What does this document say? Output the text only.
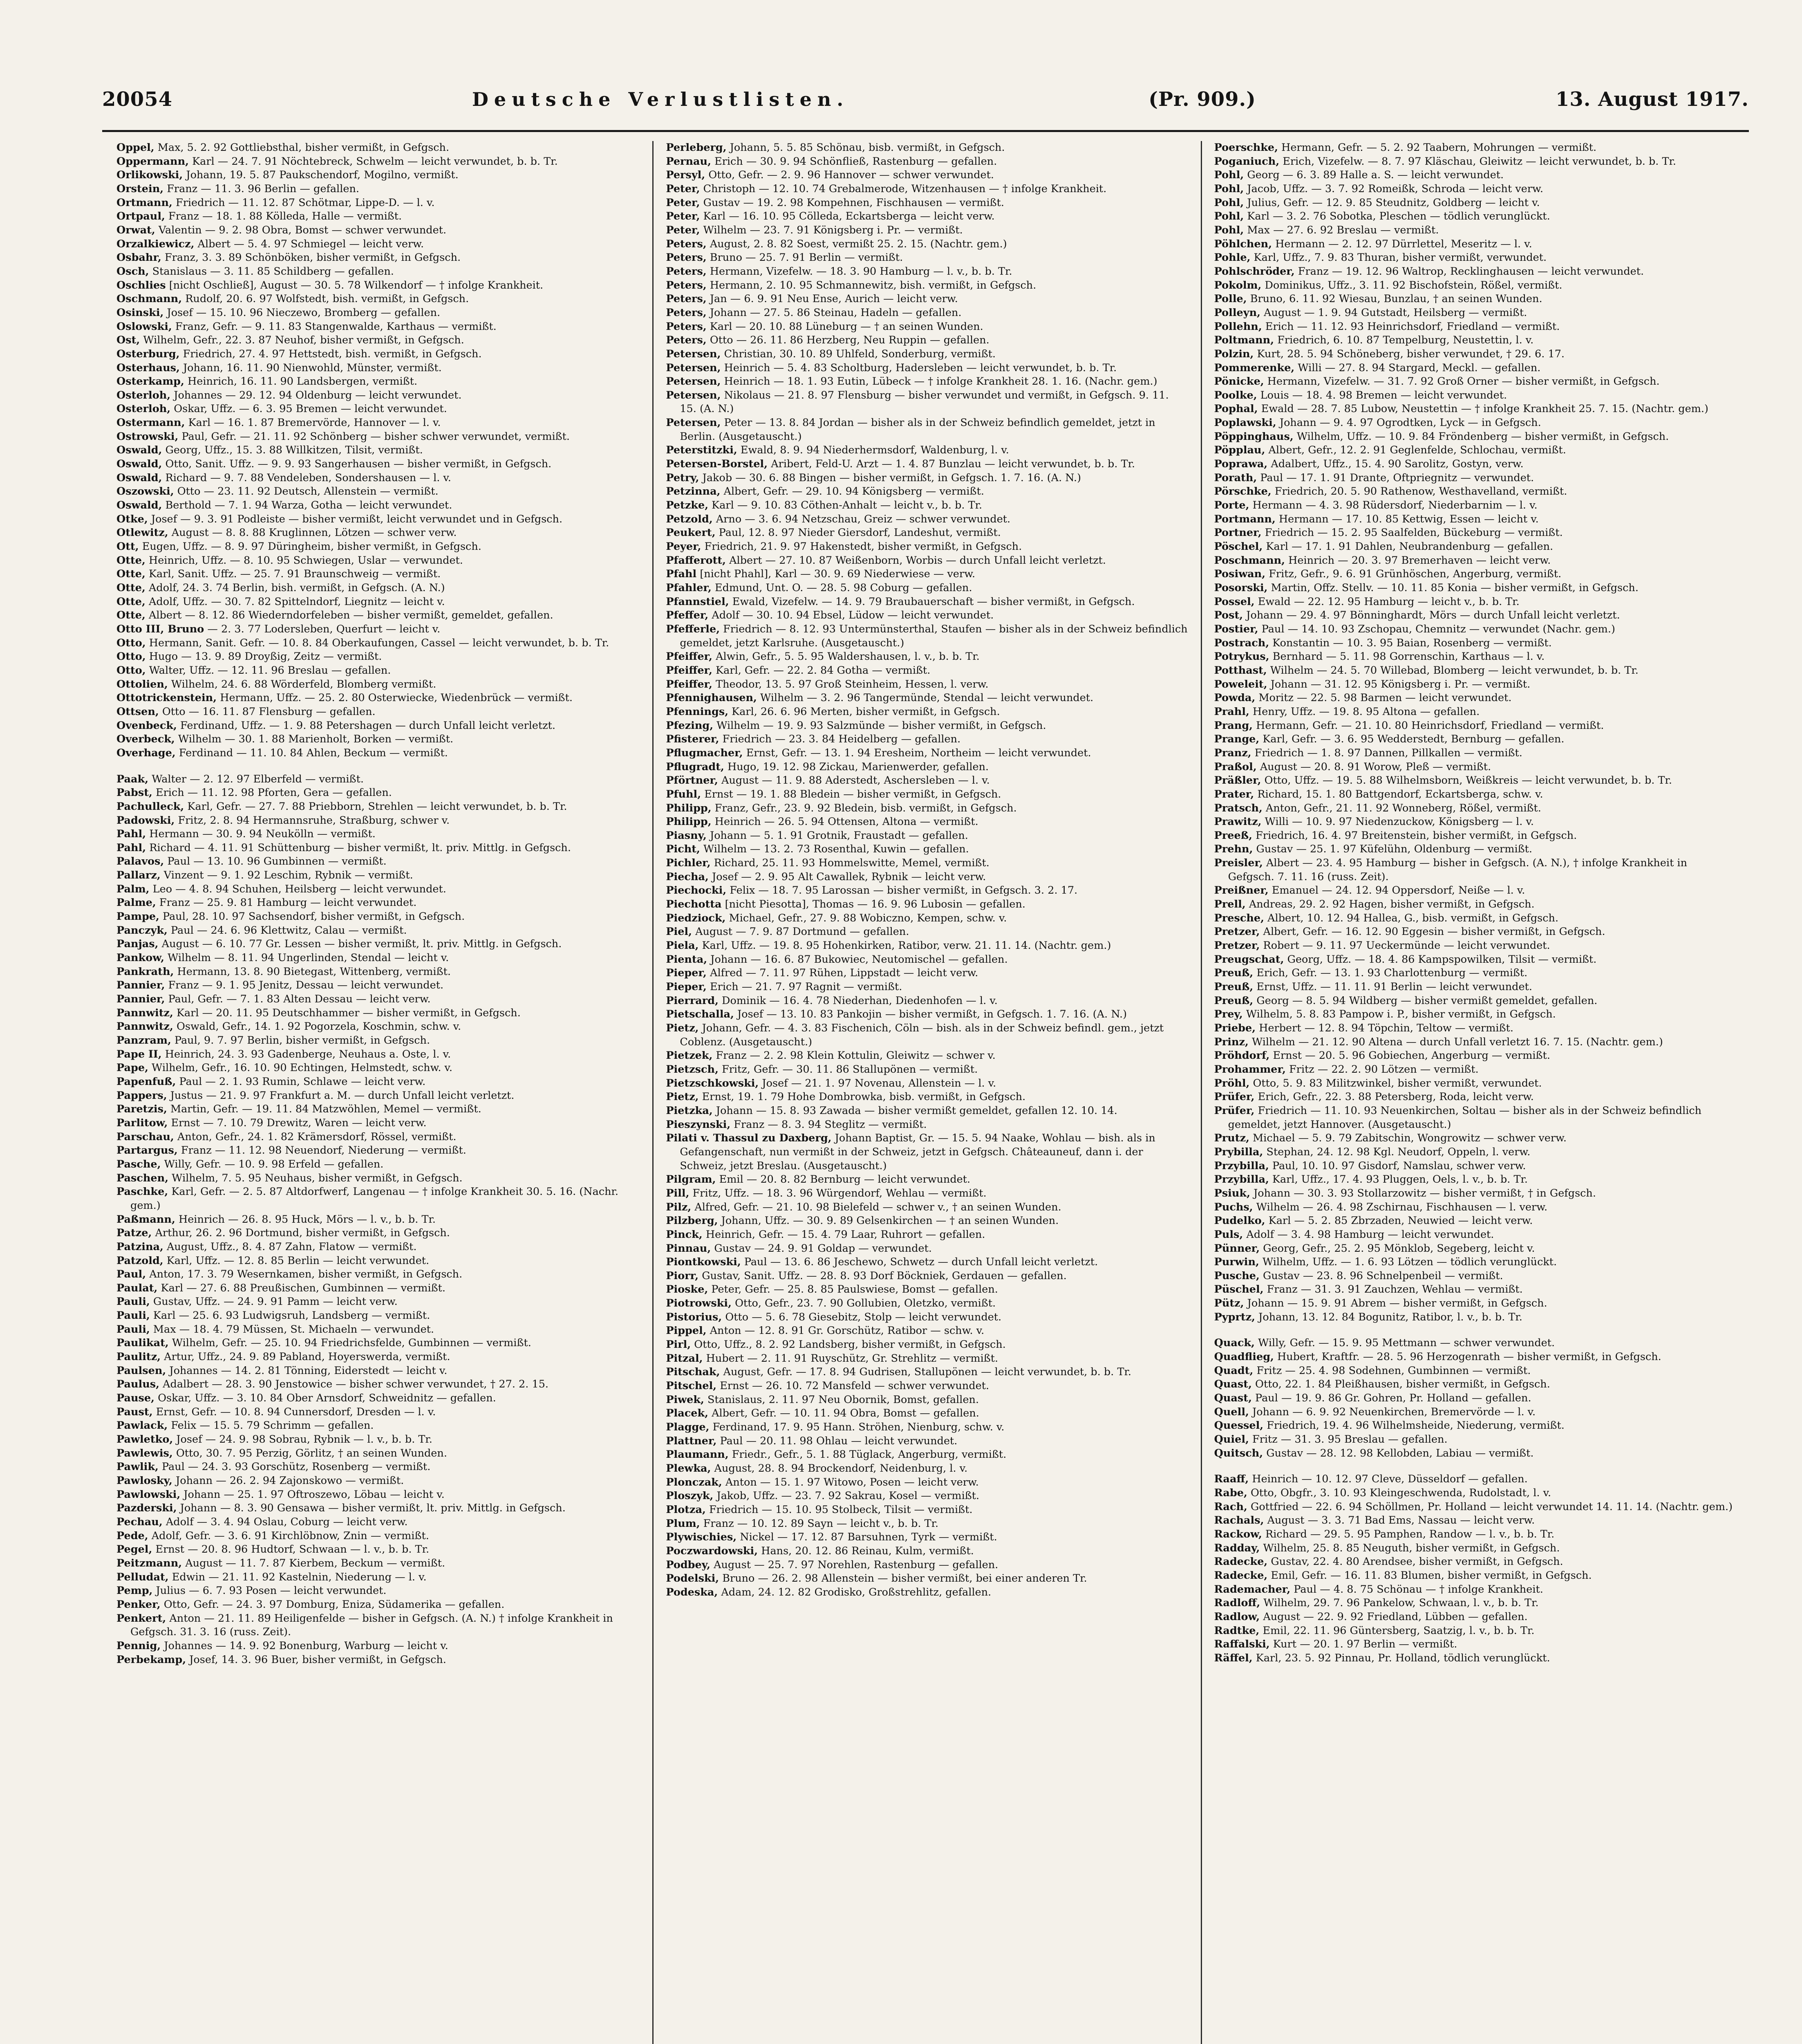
20054	Deutsche Verlustlisten.	(Pr. 909.)	13. August 1917.

Oppel, Max, 5. 2. 92 Gottliebsthal, bisher vermißt, in Gefgsch.

Oppermann, Karl — 24. 7. 91 Nöchtebreck, Schwelm — leicht verwundet, b. b. Tr.

Orlikowski, Johann, 19. 5. 87 Paukschendorf, Mogilno, vermißt.

Orstein, Franz — 11. 3. 96 Berlin — gefallen.

Ortmann, Friedrich — 11. 12. 87 Schötmar, Lippe-D. — l. v.

Ortpaul, Franz — 18. 1. 88 Kölleda, Halle — vermißt.

Orwat, Valentin — 9. 2. 98 Obra, Bomst — schwer verwundet.

Orzalkiewicz, Albert — 5. 4. 97 Schmiegel — leicht verw.

Osbahr, Franz, 3. 3. 89 Schönböken, bisher vermißt, in Gefgsch.

Osch, Stanislaus — 3. 11. 85 Schildberg — gefallen.

Oschlies [nicht Oschließ], August — 30. 5. 78 Wilkendorf — † infolge Krankheit.

Oschmann, Rudolf, 20. 6. 97 Wolfstedt, bish. vermißt, in Gefgsch.

Osinski, Josef — 15. 10. 96 Nieczewo, Bromberg — gefallen.

Oslowski, Franz, Gefr. — 9. 11. 83 Stangenwalde, Karthaus — vermißt.

Ost, Wilhelm, Gefr., 22. 3. 87 Neuhof, bisher vermißt, in Gefgsch.

Osterburg, Friedrich, 27. 4. 97 Hettstedt, bish. vermißt, in Gefgsch.

Osterhaus, Johann, 16. 11. 90 Nienwohld, Münster, vermißt.

Osterkamp, Heinrich, 16. 11. 90 Landsbergen, vermißt.

Osterloh, Johannes — 29. 12. 94 Oldenburg — leicht verwundet.

Osterloh, Oskar, Uffz. — 6. 3. 95 Bremen — leicht verwundet.

Ostermann, Karl — 16. 1. 87 Bremervörde, Hannover — l. v.

Ostrowski, Paul, Gefr. — 21. 11. 92 Schönberg — bisher schwer verwundet, vermißt.

Oswald, Georg, Uffz., 15. 3. 88 Willkitzen, Tilsit, vermißt.

Oswald, Otto, Sanit. Uffz. — 9. 9. 93 Sangerhausen — bisher vermißt, in Gefgsch.

Oswald, Richard — 9. 7. 88 Vendeleben, Sondershausen — l. v.

Oszowski, Otto — 23. 11. 92 Deutsch, Allenstein — vermißt.

Oswald, Berthold — 7. 1. 94 Warza, Gotha — leicht verwundet.

Otke, Josef — 9. 3. 91 Podleiste — bisher vermißt, leicht verwundet und in Gefgsch.

Otlewitz, August — 8. 8. 88 Kruglinnen, Lötzen — schwer verw.

Ott, Eugen, Uffz. — 8. 9. 97 Düringheim, bisher vermißt, in Gefgsch.

Otte, Heinrich, Uffz. — 8. 10. 95 Schwiegen, Uslar — verwundet.

Otte, Karl, Sanit. Uffz. — 25. 7. 91 Braunschweig — vermißt.

Otte, Adolf, 24. 3. 74 Berlin, bish. vermißt, in Gefgsch. (A. N.)

Otte, Adolf, Uffz. — 30. 7. 82 Spittelndorf, Liegnitz — leicht v.

Otte, Albert — 8. 12. 86 Wiederndorfeleben — bisher vermißt, gemeldet, gefallen.

Otto III, Bruno — 2. 3. 77 Lodersleben, Querfurt — leicht v.

Otto, Hermann, Sanit. Gefr. — 10. 8. 84 Oberkaufungen, Cassel — leicht verwundet, b. b. Tr.

Otto, Hugo — 13. 9. 89 Droyßig, Zeitz — vermißt.

Otto, Walter, Uffz. — 12. 11. 96 Breslau — gefallen.

Ottolien, Wilhelm, 24. 6. 88 Wörderfeld, Blomberg vermißt.

Ottotrickenstein, Hermann, Uffz. — 25. 2. 80 Osterwiecke, Wiedenbrück — vermißt.

Ottsen, Otto — 16. 11. 87 Flensburg — gefallen.

Ovenbeck, Ferdinand, Uffz. — 1. 9. 88 Petershagen — durch Unfall leicht verletzt.

Overbeck, Wilhelm — 30. 1. 88 Marienholt, Borken — vermißt.

Overhage, Ferdinand — 11. 10. 84 Ahlen, Beckum — vermißt.

Paak, Walter — 2. 12. 97 Elberfeld — vermißt.

Pabst, Erich — 11. 12. 98 Pforten, Gera — gefallen.

Pachulleck, Karl, Gefr. — 27. 7. 88 Priebborn, Strehlen — leicht verwundet, b. b. Tr.

Padowski, Fritz, 2. 8. 94 Hermannsruhe, Straßburg, schwer v.

Pahl, Hermann — 30. 9. 94 Neukölln — vermißt.

Pahl, Richard — 4. 11. 91 Schüttenburg — bisher vermißt, lt. priv. Mittlg. in Gefgsch.

Palavos, Paul — 13. 10. 96 Gumbinnen — vermißt.

Pallarz, Vinzent — 9. 1. 92 Leschim, Rybnik — vermißt.

Palm, Leo — 4. 8. 94 Schuhen, Heilsberg — leicht verwundet.

Palme, Franz — 25. 9. 81 Hamburg — leicht verwundet.

Pampe, Paul, 28. 10. 97 Sachsendorf, bisher vermißt, in Gefgsch.

Panczyk, Paul — 24. 6. 96 Klettwitz, Calau — vermißt.

Panjas, August — 6. 10. 77 Gr. Lessen — bisher vermißt, lt. priv. Mittlg. in Gefgsch.

Pankow, Wilhelm — 8. 11. 94 Ungerlinden, Stendal — leicht v.

Pankrath, Hermann, 13. 8. 90 Bietegast, Wittenberg, vermißt.

Pannier, Franz — 9. 1. 95 Jenitz, Dessau — leicht verwundet.

Pannier, Paul, Gefr. — 7. 1. 83 Alten Dessau — leicht verw.

Pannwitz, Karl — 20. 11. 95 Deutschhammer — bisher vermißt, in Gefgsch.

Pannwitz, Oswald, Gefr., 14. 1. 92 Pogorzela, Koschmin, schw. v.

Panzram, Paul, 9. 7. 97 Berlin, bisher vermißt, in Gefgsch.

Pape II, Heinrich, 24. 3. 93 Gadenberge, Neuhaus a. Oste, l. v.

Pape, Wilhelm, Gefr., 16. 10. 90 Echtingen, Helmstedt, schw. v.

Papenfuß, Paul — 2. 1. 93 Rumin, Schlawe — leicht verw.

Pappers, Justus — 21. 9. 97 Frankfurt a. M. — durch Unfall leicht verletzt.

Paretzis, Martin, Gefr. — 19. 11. 84 Matzwöhlen, Memel — vermißt.

Parlitow, Ernst — 7. 10. 79 Drewitz, Waren — leicht verw.

Parschau, Anton, Gefr., 24. 1. 82 Krämersdorf, Rössel, vermißt.

Partargus, Franz — 11. 12. 98 Neuendorf, Niederung — vermißt.

Pasche, Willy, Gefr. — 10. 9. 98 Erfeld — gefallen.

Paschen, Wilhelm, 7. 5. 95 Neuhaus, bisher vermißt, in Gefgsch.

Paschke, Karl, Gefr. — 2. 5. 87 Altdorfwerf, Langenau — † infolge Krankheit 30. 5. 16. (Nachr. gem.)

Paßmann, Heinrich — 26. 8. 95 Huck, Mörs — l. v., b. b. Tr.

Patze, Arthur, 26. 2. 96 Dortmund, bisher vermißt, in Gefgsch.

Patzina, August, Uffz., 8. 4. 87 Zahn, Flatow — vermißt.

Patzold, Karl, Uffz. — 12. 8. 85 Berlin — leicht verwundet.

Paul, Anton, 17. 3. 79 Wesernkamen, bisher vermißt, in Gefgsch.

Paulat, Karl — 27. 6. 88 Preußischen, Gumbinnen — vermißt.

Pauli, Gustav, Uffz. — 24. 9. 91 Pamm — leicht verw.

Pauli, Karl — 25. 6. 93 Ludwigsruh, Landsberg — vermißt.

Pauli, Max — 18. 4. 79 Müssen, St. Michaeln — verwundet.

Paulikat, Wilhelm, Gefr. — 25. 10. 94 Friedrichsfelde, Gumbinnen — vermißt.

Paulitz, Artur, Uffz., 24. 9. 89 Pabland, Hoyerswerda, vermißt.

Paulsen, Johannes — 14. 2. 81 Tönning, Eiderstedt — leicht v.

Paulus, Adalbert — 28. 3. 90 Jenstowice — bisher schwer verwundet, † 27. 2. 15.

Pause, Oskar, Uffz. — 3. 10. 84 Ober Arnsdorf, Schweidnitz — gefallen.

Paust, Ernst, Gefr. — 10. 8. 94 Cunnersdorf, Dresden — l. v.

Pawlack, Felix — 15. 5. 79 Schrimm — gefallen.

Pawletko, Josef — 24. 9. 98 Sobrau, Rybnik — l. v., b. b. Tr.

Pawlewis, Otto, 30. 7. 95 Perzig, Görlitz, † an seinen Wunden.

Pawlik, Paul — 24. 3. 93 Gorschütz, Rosenberg — vermißt.

Pawlosky, Johann — 26. 2. 94 Zajonskowo — vermißt.

Pawlowski, Johann — 25. 1. 97 Oftroszewo, Löbau — leicht v.

Pazderski, Johann — 8. 3. 90 Gensawa — bisher vermißt, lt. priv. Mittlg. in Gefgsch.

Pechau, Adolf — 3. 4. 94 Oslau, Coburg — leicht verw.

Pede, Adolf, Gefr. — 3. 6. 91 Kirchlöbnow, Znin — vermißt.

Pegel, Ernst — 20. 8. 96 Hudtorf, Schwaan — l. v., b. b. Tr.

Peitzmann, August — 11. 7. 87 Kierbem, Beckum — vermißt.

Pelludat, Edwin — 21. 11. 92 Kastelnin, Niederung — l. v.

Pemp, Julius — 6. 7. 93 Posen — leicht verwundet.

Penker, Otto, Gefr. — 24. 3. 97 Domburg, Eniza, Südamerika — gefallen.

Penkert, Anton — 21. 11. 89 Heiligenfelde — bisher in Gefgsch. (A. N.) † infolge Krankheit in Gefgsch. 31. 3. 16 (russ. Zeit).

Pennig, Johannes — 14. 9. 92 Bonenburg, Warburg — leicht v.

Perbekamp, Josef, 14. 3. 96 Buer, bisher vermißt, in Gefgsch.

Perleberg, Johann, 5. 5. 85 Schönau, bisb. vermißt, in Gefgsch.

Pernau, Erich — 30. 9. 94 Schönfließ, Rastenburg — gefallen.

Persyl, Otto, Gefr. — 2. 9. 96 Hannover — schwer verwundet.

Peter, Christoph — 12. 10. 74 Grebalmerode, Witzenhausen — † infolge Krankheit.

Peter, Gustav — 19. 2. 98 Kompehnen, Fischhausen — vermißt.

Peter, Karl — 16. 10. 95 Cölleda, Eckartsberga — leicht verw.

Peter, Wilhelm — 23. 7. 91 Königsberg i. Pr. — vermißt.

Peters, August, 2. 8. 82 Soest, vermißt 25. 2. 15. (Nachtr. gem.)

Peters, Bruno — 25. 7. 91 Berlin — vermißt.

Peters, Hermann, Vizefelw. — 18. 3. 90 Hamburg — l. v., b. b. Tr.

Peters, Hermann, 2. 10. 95 Schmannewitz, bish. vermißt, in Gefgsch.

Peters, Jan — 6. 9. 91 Neu Ense, Aurich — leicht verw.

Peters, Johann — 27. 5. 86 Steinau, Hadeln — gefallen.

Peters, Karl — 20. 10. 88 Lüneburg — † an seinen Wunden.

Peters, Otto — 26. 11. 86 Herzberg, Neu Ruppin — gefallen.

Petersen, Christian, 30. 10. 89 Uhlfeld, Sonderburg, vermißt.

Petersen, Heinrich — 5. 4. 83 Scholtburg, Hadersleben — leicht verwundet, b. b. Tr.

Petersen, Heinrich — 18. 1. 93 Eutin, Lübeck — † infolge Krankheit 28. 1. 16. (Nachr. gem.)

Petersen, Nikolaus — 21. 8. 97 Flensburg — bisher verwundet und vermißt, in Gefgsch. 9. 11. 15. (A. N.)

Petersen, Peter — 13. 8. 84 Jordan — bisher als in der Schweiz befindlich gemeldet, jetzt in Berlin. (Ausgetauscht.)

Peterstitzki, Ewald, 8. 9. 94 Niederhermsdorf, Waldenburg, l. v.

Petersen-Borstel, Aribert, Feld-U. Arzt — 1. 4. 87 Bunzlau — leicht verwundet, b. b. Tr.

Petry, Jakob — 30. 6. 88 Bingen — bisher vermißt, in Gefgsch. 1. 7. 16. (A. N.)

Petzinna, Albert, Gefr. — 29. 10. 94 Königsberg — vermißt.

Petzke, Karl — 9. 10. 83 Cöthen-Anhalt — leicht v., b. b. Tr.

Petzold, Arno — 3. 6. 94 Netzschau, Greiz — schwer verwundet.

Peukert, Paul, 12. 8. 97 Nieder Giersdorf, Landeshut, vermißt.

Peyer, Friedrich, 21. 9. 97 Hakenstedt, bisher vermißt, in Gefgsch.

Pfafferott, Albert — 27. 10. 87 Weißenborn, Worbis — durch Unfall leicht verletzt.

Pfahl [nicht Phahl], Karl — 30. 9. 69 Niederwiese — verw.

Pfahler, Edmund, Unt. O. — 28. 5. 98 Coburg — gefallen.

Pfannstiel, Ewald, Vizefelw. — 14. 9. 79 Braubauerschaft — bisher vermißt, in Gefgsch.

Pfeffer, Adolf — 30. 10. 94 Ebsel, Lüdow — leicht verwundet.

Pfefferle, Friedrich — 8. 12. 93 Untermünsterthal, Staufen — bisher als in der Schweiz befindlich gemeldet, jetzt Karlsruhe. (Ausgetauscht.)

Pfeiffer, Alwin, Gefr., 5. 5. 95 Waldershausen, l. v., b. b. Tr.

Pfeiffer, Karl, Gefr. — 22. 2. 84 Gotha — vermißt.

Pfeiffer, Theodor, 13. 5. 97 Groß Steinheim, Hessen, l. verw.

Pfennighausen, Wilhelm — 3. 2. 96 Tangermünde, Stendal — leicht verwundet.

Pfennings, Karl, 26. 6. 96 Merten, bisher vermißt, in Gefgsch.

Pfezing, Wilhelm — 19. 9. 93 Salzmünde — bisher vermißt, in Gefgsch.

Pfisterer, Friedrich — 23. 3. 84 Heidelberg — gefallen.

Pflugmacher, Ernst, Gefr. — 13. 1. 94 Eresheim, Northeim — leicht verwundet.

Pflugradt, Hugo, 19. 12. 98 Zickau, Marienwerder, gefallen.

Pförtner, August — 11. 9. 88 Aderstedt, Aschersleben — l. v.

Pfuhl, Ernst — 19. 1. 88 Bledein — bisher vermißt, in Gefgsch.

Philipp, Franz, Gefr., 23. 9. 92 Bledein, bisb. vermißt, in Gefgsch.

Philipp, Heinrich — 26. 5. 94 Ottensen, Altona — vermißt.

Piasny, Johann — 5. 1. 91 Grotnik, Fraustadt — gefallen.

Picht, Wilhelm — 13. 2. 73 Rosenthal, Kuwin — gefallen.

Pichler, Richard, 25. 11. 93 Hommelswitte, Memel, vermißt.

Piecha, Josef — 2. 9. 95 Alt Cawallek, Rybnik — leicht verw.

Piechocki, Felix — 18. 7. 95 Larossan — bisher vermißt, in Gefgsch. 3. 2. 17.

Piechotta [nicht Piesotta], Thomas — 16. 9. 96 Lubosin — gefallen.

Piedziock, Michael, Gefr., 27. 9. 88 Wobiczno, Kempen, schw. v.

Piel, August — 7. 9. 87 Dortmund — gefallen.

Piela, Karl, Uffz. — 19. 8. 95 Hohenkirken, Ratibor, verw. 21. 11. 14. (Nachtr. gem.)

Pienta, Johann — 16. 6. 87 Bukowiec, Neutomischel — gefallen.

Pieper, Alfred — 7. 11. 97 Rühen, Lippstadt — leicht verw.

Pieper, Erich — 21. 7. 97 Ragnit — vermißt.

Pierrard, Dominik — 16. 4. 78 Niederhan, Diedenhofen — l. v.

Pietschalla, Josef — 13. 10. 83 Pankojin — bisher vermißt, in Gefgsch. 1. 7. 16. (A. N.)

Pietz, Johann, Gefr. — 4. 3. 83 Fischenich, Cöln — bish. als in der Schweiz befindl. gem., jetzt Coblenz. (Ausgetauscht.)

Pietzek, Franz — 2. 2. 98 Klein Kottulin, Gleiwitz — schwer v.

Pietzsch, Fritz, Gefr. — 30. 11. 86 Stallupönen — vermißt.

Pietzschkowski, Josef — 21. 1. 97 Novenau, Allenstein — l. v.

Pietz, Ernst, 19. 1. 79 Hohe Dombrowka, bisb. vermißt, in Gefgsch.

Pietzka, Johann — 15. 8. 93 Zawada — bisher vermißt gemeldet, gefallen 12. 10. 14.

Pieszynski, Franz — 8. 3. 94 Steglitz — vermißt.

Pilati v. Thassul zu Daxberg, Johann Baptist, Gr. — 15. 5. 94 Naake, Wohlau — bish. als in Gefangenschaft, nun vermißt in der Schweiz, jetzt in Gefgsch. Châteauneuf, dann i. der Schweiz, jetzt Breslau. (Ausgetauscht.)

Pilgram, Emil — 20. 8. 82 Bernburg — leicht verwundet.

Pill, Fritz, Uffz. — 18. 3. 96 Würgendorf, Wehlau — vermißt.

Pilz, Alfred, Gefr. — 21. 10. 98 Bielefeld — schwer v., † an seinen Wunden.

Pilzberg, Johann, Uffz. — 30. 9. 89 Gelsenkirchen — † an seinen Wunden.

Pinck, Heinrich, Gefr. — 15. 4. 79 Laar, Ruhrort — gefallen.

Pinnau, Gustav — 24. 9. 91 Goldap — verwundet.

Piontkowski, Paul — 13. 6. 86 Jeschewo, Schwetz — durch Unfall leicht verletzt.

Piorr, Gustav, Sanit. Uffz. — 28. 8. 93 Dorf Böckniek, Gerdauen — gefallen.

Pioske, Peter, Gefr. — 25. 8. 85 Paulswiese, Bomst — gefallen.

Piotrowski, Otto, Gefr., 23. 7. 90 Gollubien, Oletzko, vermißt.

Pistorius, Otto — 5. 6. 78 Giesebitz, Stolp — leicht verwundet.

Pippel, Anton — 12. 8. 91 Gr. Gorschütz, Ratibor — schw. v.

Pirl, Otto, Uffz., 8. 2. 92 Landsberg, bisher vermißt, in Gefgsch.

Pitzal, Hubert — 2. 11. 91 Ruyschütz, Gr. Strehlitz — vermißt.

Pitschak, August, Gefr. — 17. 8. 94 Gudrisen, Stallupönen — leicht verwundet, b. b. Tr.

Pitschel, Ernst — 26. 10. 72 Mansfeld — schwer verwundet.

Piwek, Stanislaus, 2. 11. 97 Neu Obornik, Bomst, gefallen.

Placek, Albert, Gefr. — 10. 11. 94 Obra, Bomst — gefallen.

Plagge, Ferdinand, 17. 9. 95 Hann. Ströhen, Nienburg, schw. v.

Plattner, Paul — 20. 11. 98 Ohlau — leicht verwundet.

Plaumann, Friedr., Gefr., 5. 1. 88 Tüglack, Angerburg, vermißt.

Plewka, August, 28. 8. 94 Brockendorf, Neidenburg, l. v.

Plonczak, Anton — 15. 1. 97 Witowo, Posen — leicht verw.

Ploszyk, Jakob, Uffz. — 23. 7. 92 Sakrau, Kosel — vermißt.

Plotza, Friedrich — 15. 10. 95 Stolbeck, Tilsit — vermißt.

Plum, Franz — 10. 12. 89 Sayn — leicht v., b. b. Tr.

Plywischies, Nickel — 17. 12. 87 Barsuhnen, Tyrk — vermißt.

Poczwardowski, Hans, 20. 12. 86 Reinau, Kulm, vermißt.

Podbey, August — 25. 7. 97 Norehlen, Rastenburg — gefallen.

Podelski, Bruno — 26. 2. 98 Allenstein — bisher vermißt, bei einer anderen Tr.

Podeska, Adam, 24. 12. 82 Grodisko, Großstrehlitz, gefallen.

Poerschke, Hermann, Gefr. — 5. 2. 92 Taabern, Mohrungen — vermißt.

Poganiuch, Erich, Vizefelw. — 8. 7. 97 Kläschau, Gleiwitz — leicht verwundet, b. b. Tr.

Pohl, Georg — 6. 3. 89 Halle a. S. — leicht verwundet.

Pohl, Jacob, Uffz. — 3. 7. 92 Romeißk, Schroda — leicht verw.

Pohl, Julius, Gefr. — 12. 9. 85 Steudnitz, Goldberg — leicht v.

Pohl, Karl — 3. 2. 76 Sobotka, Pleschen — tödlich verunglückt.

Pohl, Max — 27. 6. 92 Breslau — vermißt.

Pöhlchen, Hermann — 2. 12. 97 Dürrlettel, Meseritz — l. v.

Pohle, Karl, Uffz., 7. 9. 83 Thuran, bisher vermißt, verwundet.

Pohlschröder, Franz — 19. 12. 96 Waltrop, Recklinghausen — leicht verwundet.

Pokolm, Dominikus, Uffz., 3. 11. 92 Bischofstein, Rößel, vermißt.

Polle, Bruno, 6. 11. 92 Wiesau, Bunzlau, † an seinen Wunden.

Polleyn, August — 1. 9. 94 Gutstadt, Heilsberg — vermißt.

Pollehn, Erich — 11. 12. 93 Heinrichsdorf, Friedland — vermißt.

Poltmann, Friedrich, 6. 10. 87 Tempelburg, Neustettin, l. v.

Polzin, Kurt, 28. 5. 94 Schöneberg, bisher verwundet, † 29. 6. 17.

Pommerenke, Willi — 27. 8. 94 Stargard, Meckl. — gefallen.

Pönicke, Hermann, Vizefelw. — 31. 7. 92 Groß Orner — bisher vermißt, in Gefgsch.

Poolke, Louis — 18. 4. 98 Bremen — leicht verwundet.

Pophal, Ewald — 28. 7. 85 Lubow, Neustettin — † infolge Krankheit 25. 7. 15. (Nachtr. gem.)

Poplawski, Johann — 9. 4. 97 Ogrodtken, Lyck — in Gefgsch.

Pöppinghaus, Wilhelm, Uffz. — 10. 9. 84 Fröndenberg — bisher vermißt, in Gefgsch.

Pöpplau, Albert, Gefr., 12. 2. 91 Geglenfelde, Schlochau, vermißt.

Poprawa, Adalbert, Uffz., 15. 4. 90 Sarolitz, Gostyn, verw.

Porath, Paul — 17. 1. 91 Drante, Oftpriegnitz — verwundet.

Pörschke, Friedrich, 20. 5. 90 Rathenow, Westhavelland, vermißt.

Porte, Hermann — 4. 3. 98 Rüdersdorf, Niederbarnim — l. v.

Portmann, Hermann — 17. 10. 85 Kettwig, Essen — leicht v.

Portner, Friedrich — 15. 2. 95 Saalfelden, Bückeburg — vermißt.

Pöschel, Karl — 17. 1. 91 Dahlen, Neubrandenburg — gefallen.

Poschmann, Heinrich — 20. 3. 97 Bremerhaven — leicht verw.

Posiwan, Fritz, Gefr., 9. 6. 91 Grünhöschen, Angerburg, vermißt.

Posorski, Martin, Offz. Stellv. — 10. 11. 85 Konia — bisher vermißt, in Gefgsch.

Possel, Ewald — 22. 12. 95 Hamburg — leicht v., b. b. Tr.

Post, Johann — 29. 4. 97 Bönninghardt, Mörs — durch Unfall leicht verletzt.

Postier, Paul — 14. 10. 93 Zschopau, Chemnitz — verwundet (Nachr. gem.)

Postrach, Konstantin — 10. 3. 95 Baian, Rosenberg — vermißt.

Potrykus, Bernhard — 5. 11. 98 Gorrenschin, Karthaus — l. v.

Potthast, Wilhelm — 24. 5. 70 Willebad, Blomberg — leicht verwundet, b. b. Tr.

Poweleit, Johann — 31. 12. 95 Königsberg i. Pr. — vermißt.

Powda, Moritz — 22. 5. 98 Barmen — leicht verwundet.

Prahl, Henry, Uffz. — 19. 8. 95 Altona — gefallen.

Prang, Hermann, Gefr. — 21. 10. 80 Heinrichsdorf, Friedland — vermißt.

Prange, Karl, Gefr. — 3. 6. 95 Wedderstedt, Bernburg — gefallen.

Pranz, Friedrich — 1. 8. 97 Dannen, Pillkallen — vermißt.

Praßol, August — 20. 8. 91 Worow, Pleß — vermißt.

Präßler, Otto, Uffz. — 19. 5. 88 Wilhelmsborn, Weißkreis — leicht verwundet, b. b. Tr.

Prater, Richard, 15. 1. 80 Battgendorf, Eckartsberga, schw. v.

Pratsch, Anton, Gefr., 21. 11. 92 Wonneberg, Rößel, vermißt.

Prawitz, Willi — 10. 9. 97 Niedenzuckow, Königsberg — l. v.

Preeß, Friedrich, 16. 4. 97 Breitenstein, bisher vermißt, in Gefgsch.

Prehn, Gustav — 25. 1. 97 Küfelühn, Oldenburg — vermißt.

Preisler, Albert — 23. 4. 95 Hamburg — bisher in Gefgsch. (A. N.), † infolge Krankheit in Gefgsch. 7. 11. 16 (russ. Zeit).

Preißner, Emanuel — 24. 12. 94 Oppersdorf, Neiße — l. v.

Prell, Andreas, 29. 2. 92 Hagen, bisher vermißt, in Gefgsch.

Presche, Albert, 10. 12. 94 Hallea, G., bisb. vermißt, in Gefgsch.

Pretzer, Albert, Gefr. — 16. 12. 90 Eggesin — bisher vermißt, in Gefgsch.

Pretzer, Robert — 9. 11. 97 Ueckermünde — leicht verwundet.

Preugschat, Georg, Uffz. — 18. 4. 86 Kampspowilken, Tilsit — vermißt.

Preuß, Erich, Gefr. — 13. 1. 93 Charlottenburg — vermißt.

Preuß, Ernst, Uffz. — 11. 11. 91 Berlin — leicht verwundet.

Preuß, Georg — 8. 5. 94 Wildberg — bisher vermißt gemeldet, gefallen.

Prey, Wilhelm, 5. 8. 83 Pampow i. P., bisher vermißt, in Gefgsch.

Priebe, Herbert — 12. 8. 94 Töpchin, Teltow — vermißt.

Prinz, Wilhelm — 21. 12. 90 Altena — durch Unfall verletzt 16. 7. 15. (Nachtr. gem.)

Pröhdorf, Ernst — 20. 5. 96 Gobiechen, Angerburg — vermißt.

Prohammer, Fritz — 22. 2. 90 Lötzen — vermißt.

Pröhl, Otto, 5. 9. 83 Militzwinkel, bisher vermißt, verwundet.

Prüfer, Erich, Gefr., 22. 3. 88 Petersberg, Roda, leicht verw.

Prüfer, Friedrich — 11. 10. 93 Neuenkirchen, Soltau — bisher als in der Schweiz befindlich gemeldet, jetzt Hannover. (Ausgetauscht.)

Prutz, Michael — 5. 9. 79 Zabitschin, Wongrowitz — schwer verw.

Prybilla, Stephan, 24. 12. 98 Kgl. Neudorf, Oppeln, l. verw.

Przybilla, Paul, 10. 10. 97 Gisdorf, Namslau, schwer verw.

Przybilla, Karl, Uffz., 17. 4. 93 Pluggen, Oels, l. v., b. b. Tr.

Psiuk, Johann — 30. 3. 93 Stollarzowitz — bisher vermißt, † in Gefgsch.

Puchs, Wilhelm — 26. 4. 98 Zschirnau, Fischhausen — l. verw.

Pudelko, Karl — 5. 2. 85 Zbrzaden, Neuwied — leicht verw.

Puls, Adolf — 3. 4. 98 Hamburg — leicht verwundet.

Pünner, Georg, Gefr., 25. 2. 95 Mönklob, Segeberg, leicht v.

Purwin, Wilhelm, Uffz. — 1. 6. 93 Lötzen — tödlich verunglückt.

Pusche, Gustav — 23. 8. 96 Schnelpenbeil — vermißt.

Püschel, Franz — 31. 3. 91 Zauchzen, Wehlau — vermißt.

Pütz, Johann — 15. 9. 91 Abrem — bisher vermißt, in Gefgsch.

Pyprtz, Johann, 13. 12. 84 Bogunitz, Ratibor, l. v., b. b. Tr.

Quack, Willy, Gefr. — 15. 9. 95 Mettmann — schwer verwundet.

Quadflieg, Hubert, Kraftfr. — 28. 5. 96 Herzogenrath — bisher vermißt, in Gefgsch.

Quadt, Fritz — 25. 4. 98 Sodehnen, Gumbinnen — vermißt.

Quast, Otto, 22. 1. 84 Pleißhausen, bisher vermißt, in Gefgsch.

Quast, Paul — 19. 9. 86 Gr. Gohren, Pr. Holland — gefallen.

Quell, Johann — 6. 9. 92 Neuenkirchen, Bremervörde — l. v.

Quessel, Friedrich, 19. 4. 96 Wilhelmsheide, Niederung, vermißt.

Quiel, Fritz — 31. 3. 95 Breslau — gefallen.

Quitsch, Gustav — 28. 12. 98 Kellobden, Labiau — vermißt.

Raaff, Heinrich — 10. 12. 97 Cleve, Düsseldorf — gefallen.

Rabe, Otto, Obgfr., 3. 10. 93 Kleingeschwenda, Rudolstadt, l. v.

Rach, Gottfried — 22. 6. 94 Schöllmen, Pr. Holland — leicht verwundet 14. 11. 14. (Nachtr. gem.)

Rachals, August — 3. 3. 71 Bad Ems, Nassau — leicht verw.

Rackow, Richard — 29. 5. 95 Pamphen, Randow — l. v., b. b. Tr.

Radday, Wilhelm, 25. 8. 85 Neuguth, bisher vermißt, in Gefgsch.

Radecke, Gustav, 22. 4. 80 Arendsee, bisher vermißt, in Gefgsch.

Radecke, Emil, Gefr. — 16. 11. 83 Blumen, bisher vermißt, in Gefgsch.

Rademacher, Paul — 4. 8. 75 Schönau — † infolge Krankheit.

Radloff, Wilhelm, 29. 7. 96 Pankelow, Schwaan, l. v., b. b. Tr.

Radlow, August — 22. 9. 92 Friedland, Lübben — gefallen.

Radtke, Emil, 22. 11. 96 Güntersberg, Saatzig, l. v., b. b. Tr.

Raffalski, Kurt — 20. 1. 97 Berlin — vermißt.

Räffel, Karl, 23. 5. 92 Pinnau, Pr. Holland, tödlich verunglückt.
